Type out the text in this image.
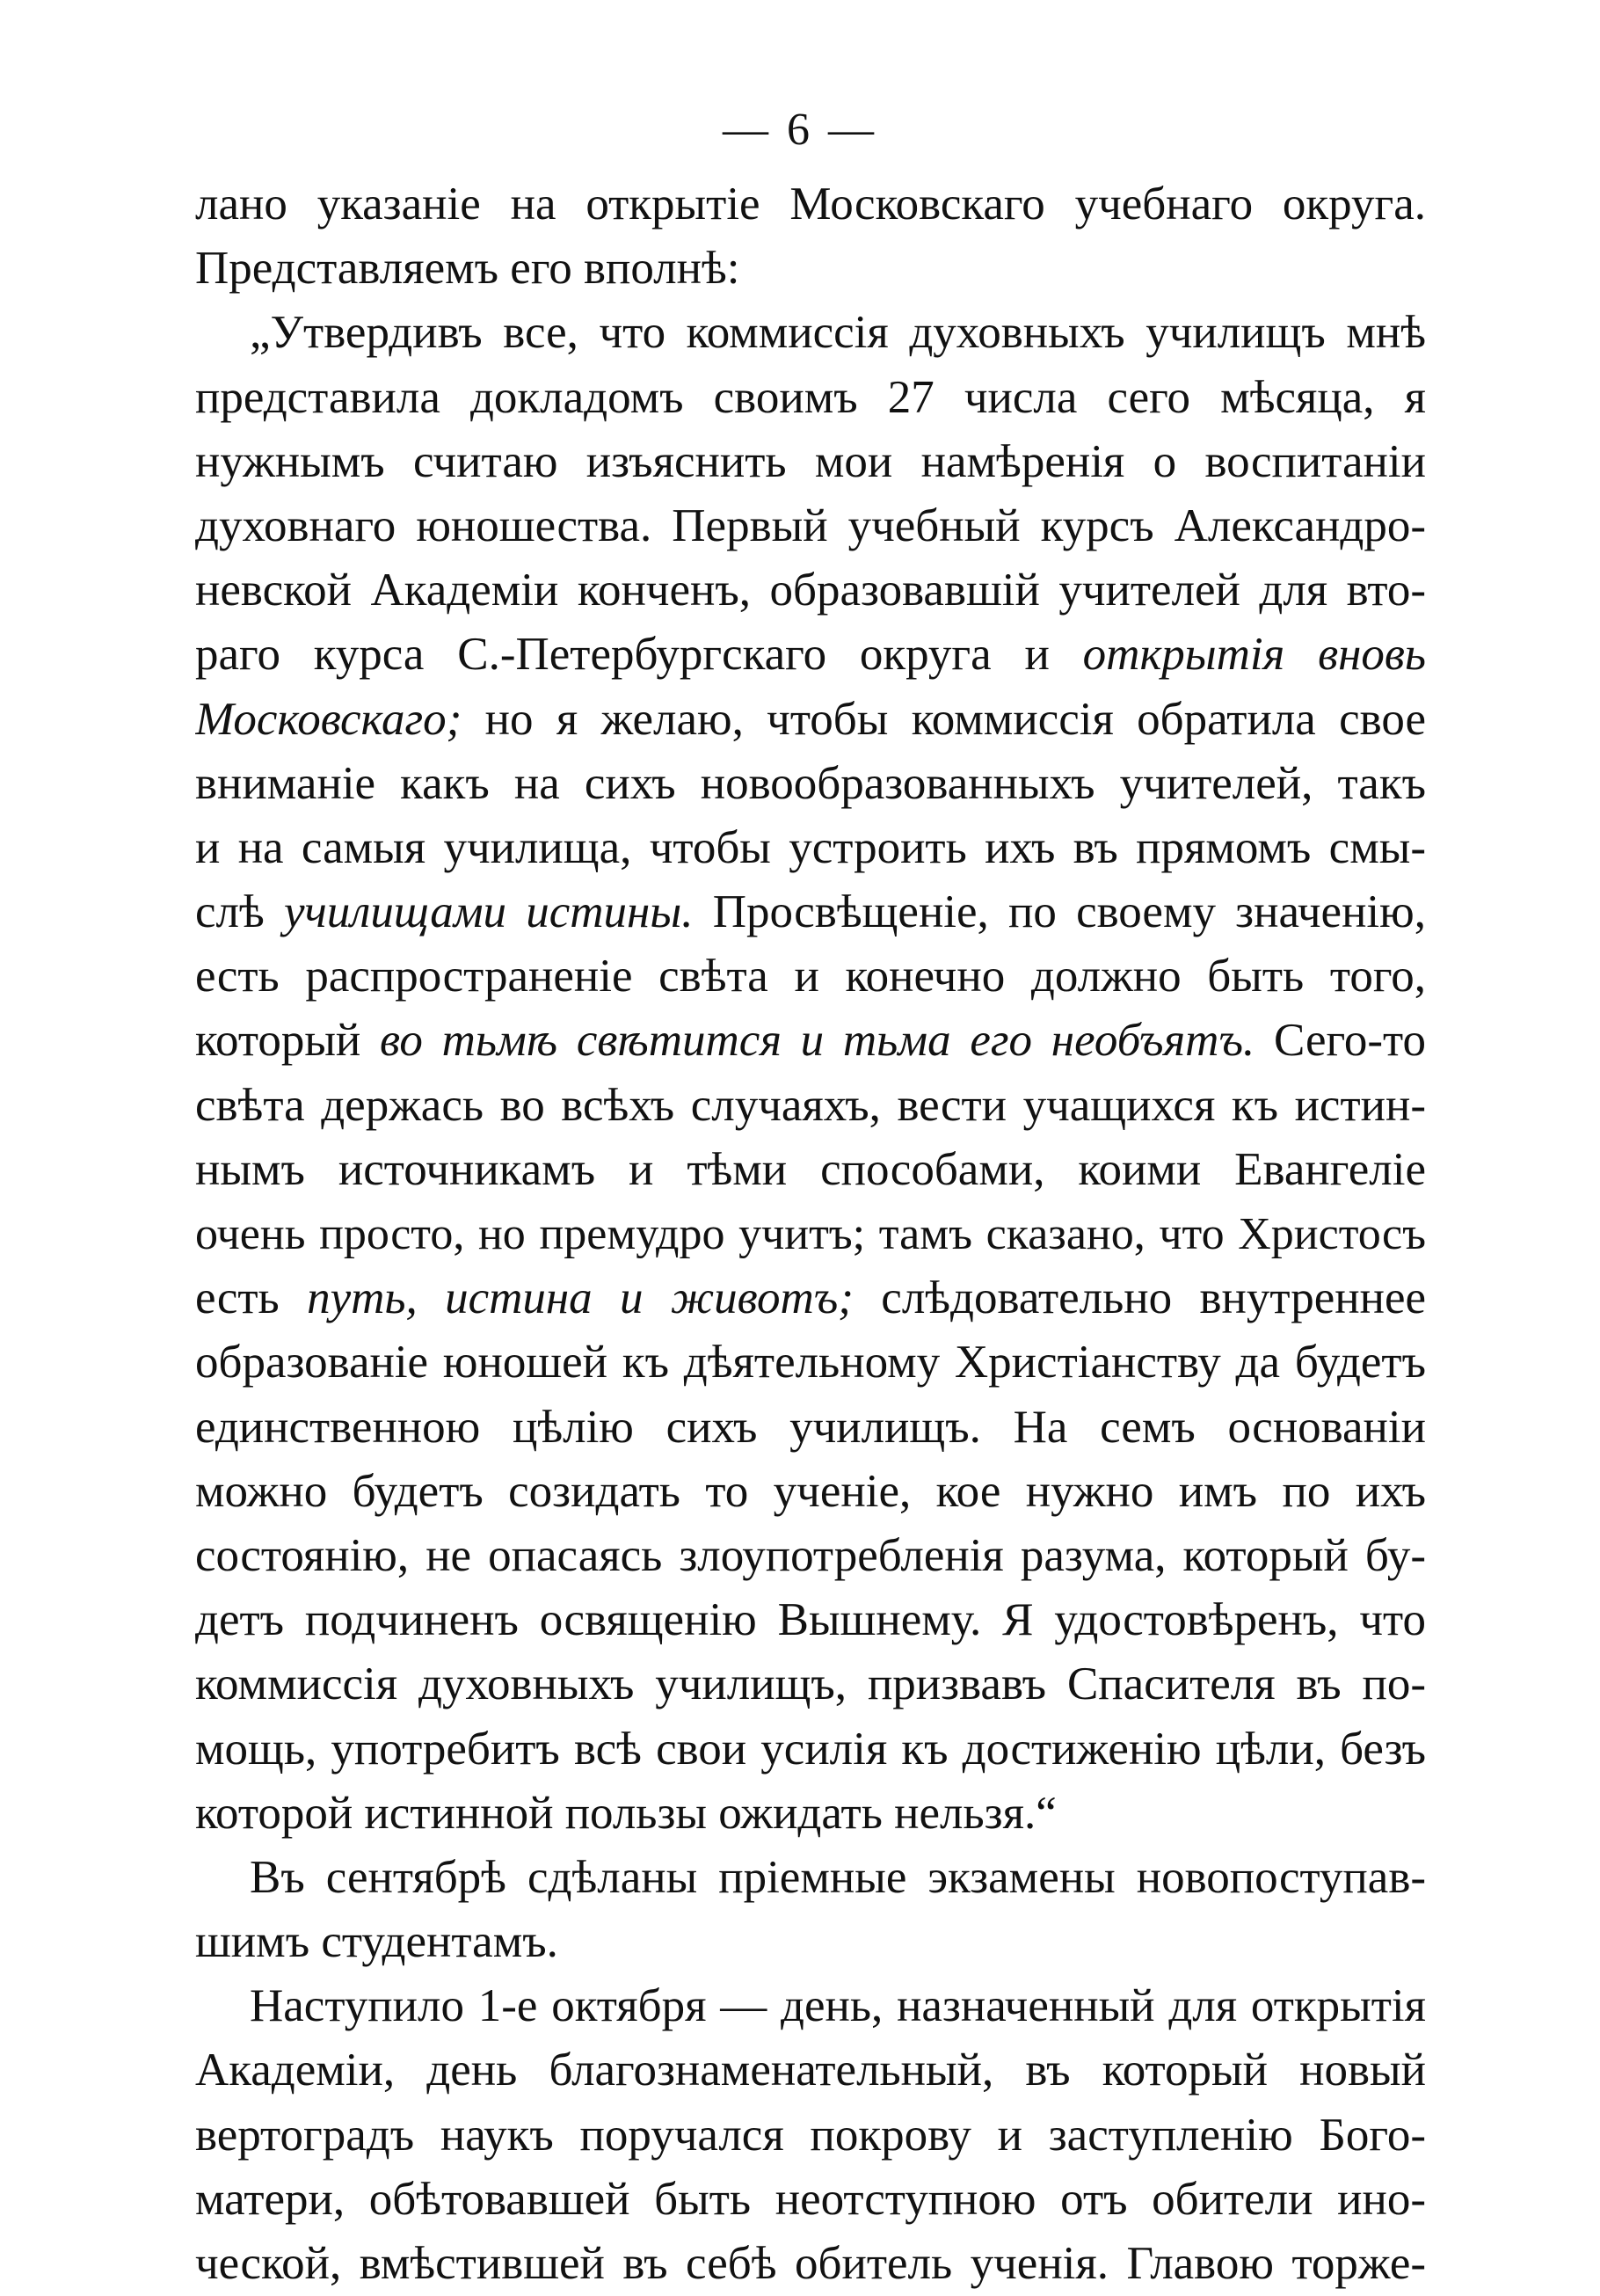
— 6 —
лано указаніе на открытіе Московскаго учебнаго округа.
Представляемъ его вполнѣ:
„Утвердивъ все, что коммиссія духовныхъ училищъ мнѣ
представила докладомъ своимъ 27 числа сего мѣсяца, я
нужнымъ считаю изъяснить мои намѣренія о воспитаніи
духовнаго юношества. Первый учебный курсъ Александро-
невской Академіи конченъ, образовавшій учителей для вто-
раго курса С.-Петербургскаго округа и открытія вновь
Московскаго; но я желаю, чтобы коммиссія обратила свое
вниманіе какъ на сихъ новообразованныхъ учителей, такъ
и на самыя училища, чтобы устроить ихъ въ прямомъ смы-
слѣ училищами истины. Просвѣщеніе, по своему значенію,
есть распространеніе свѣта и конечно должно быть того,
который во тьмѣ свѣтится и тьма его необъятъ. Сего-то
свѣта держась во всѣхъ случаяхъ, вести учащихся къ истин-
нымъ источникамъ и тѣми способами, коими Евангеліе
очень просто, но премудро учитъ; тамъ сказано, что Христосъ
есть путь, истина и животъ; слѣдовательно внутреннее
образованіе юношей къ дѣятельному Христіанству да будетъ
единственною цѣлію сихъ училищъ. На семъ основаніи
можно будетъ созидать то ученіе, кое нужно имъ по ихъ
состоянію, не опасаясь злоупотребленія разума, который бу-
детъ подчиненъ освященію Вышнему. Я удостовѣренъ, что
коммиссія духовныхъ училищъ, призвавъ Спасителя въ по-
мощь, употребитъ всѣ свои усилія къ достиженію цѣли, безъ
которой истинной пользы ожидать нельзя.“
Въ сентябрѣ сдѣланы пріемные экзамены новопоступав-
шимъ студентамъ.
Наступило 1-е октября — день, назначенный для открытія
Академіи, день благознаменательный, въ который новый
вертоградъ наукъ поручался покрову и заступленію Бого-
матери, обѣтовавшей быть неотступною отъ обители ино-
ческой, вмѣстившей въ себѣ обитель ученія. Главою торже-
